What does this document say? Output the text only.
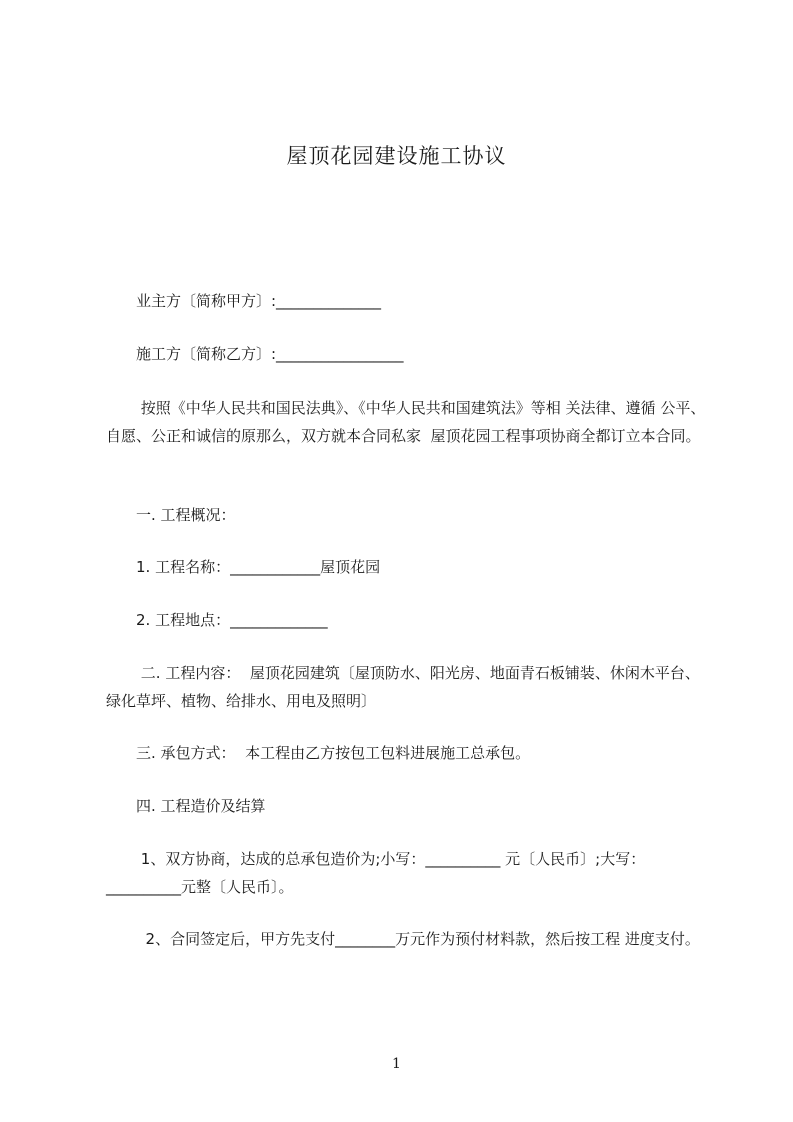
屋顶花园建设施工协议
业主方〔简称甲方〕:______________
施工方〔简称乙方〕:_________________
按照《中华人民共和国民法典》、《中华人民共和国建筑法》等相 关法律、遵循 公平、自愿、公正和诚信的原那么，双方就本合同私家  屋顶花园工程事项协商全都订立本合同。
一. 工程概况：
1. 工程名称：____________屋顶花园
2. 工程地点：_____________
二. 工程内容：  屋顶花园建筑〔屋顶防水、阳光房、地面青石板铺装、休闲木平台、绿化草坪、植物、给排水、用电及照明〕
三. 承包方式：  本工程由乙方按包工包料进展施工总承包。
四. 工程造价及结算
1、双方协商，达成的总承包造价为;小写：__________ 元〔人民币〕;大写：__________元整〔人民币〕。
2、合同签定后，甲方先支付________万元作为预付材料款，然后按工程 进度支付。
1
